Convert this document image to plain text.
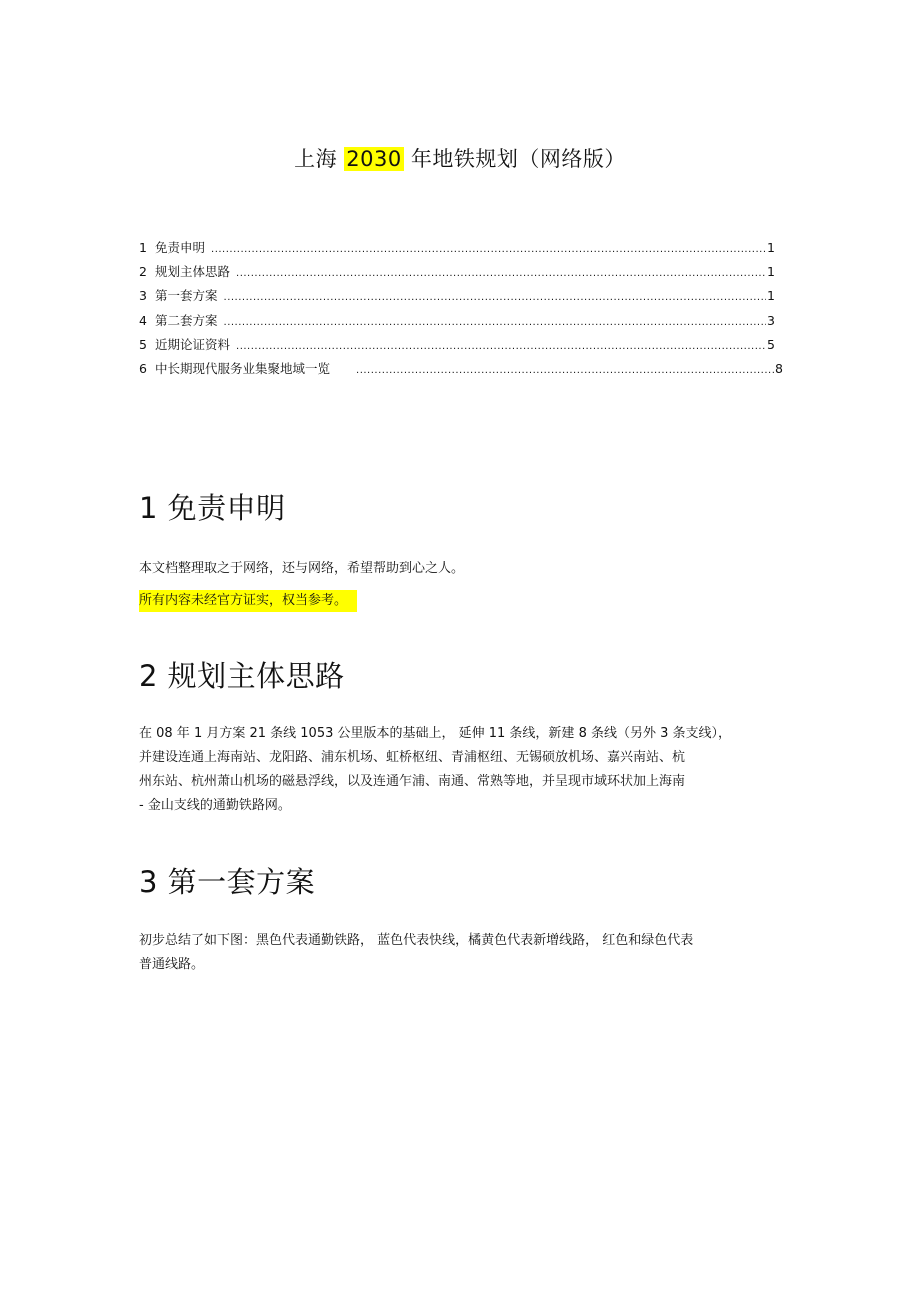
上海 2030 年地铁规划（网络版）
1 免责申明 .....	1
2 规划主体思路 .....	1
3 第一套方案 .....	1
4 第二套方案 .....	3
5 近期论证资料 .....	5
6 中长期现代服务业集聚地域一览 .....	8
1 免责申明

本文档整理取之于网络，还与网络，希望帮助到心之人。

所有内容未经官方证实，权当参考。

2 规划主体思路
在 08 年 1 月方案 21 条线 1053 公里版本的基础上， 延伸 11 条线，新建 8 条线（另外 3 条支线），
并建设连通上海南站、龙阳路、浦东机场、虹桥枢纽、青浦枢纽、无锡硕放机场、嘉兴南站、杭
州东站、杭州萧山机场的磁悬浮线，以及连通乍浦、南通、常熟等地，并呈现市域环状加上海南
- 金山支线的通勤铁路网。
3 第一套方案
初步总结了如下图：黑色代表通勤铁路， 蓝色代表快线，橘黄色代表新增线路， 红色和绿色代表
普通线路。
